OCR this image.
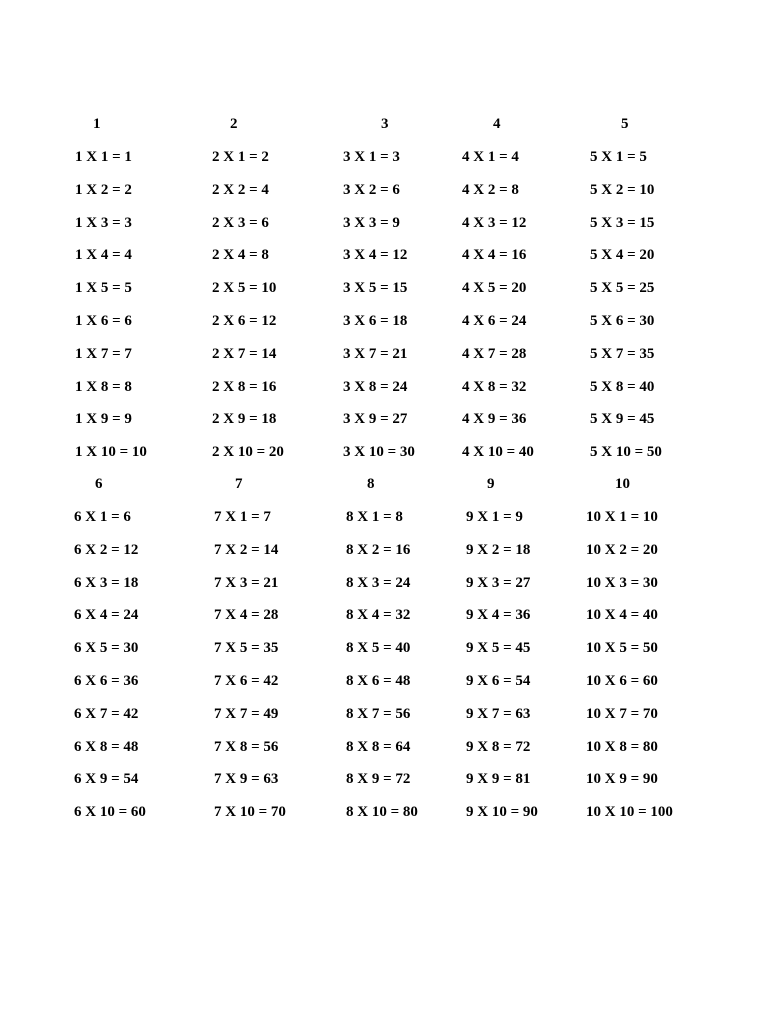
1
1 X 1 = 1
1 X 2 = 2
1 X 3 = 3
1 X 4 = 4
1 X 5 = 5
1 X 6 = 6
1 X 7 = 7
1 X 8 = 8
1 X 9 = 9
1 X 10 = 10
2
2 X 1 = 2
2 X 2 = 4
2 X 3 = 6
2 X 4 = 8
2 X 5 = 10
2 X 6 = 12
2 X 7 = 14
2 X 8 = 16
2 X 9 = 18
2 X 10 = 20
3
3 X 1 = 3
3 X 2 = 6
3 X 3 = 9
3 X 4 = 12
3 X 5 = 15
3 X 6 = 18
3 X 7 = 21
3 X 8 = 24
3 X 9 = 27
3 X 10 = 30
4
4 X 1 = 4
4 X 2 = 8
4 X 3 = 12
4 X 4 = 16
4 X 5 = 20
4 X 6 = 24
4 X 7 = 28
4 X 8 = 32
4 X 9 = 36
4 X 10 = 40
5
5 X 1 = 5
5 X 2 = 10
5 X 3 = 15
5 X 4 = 20
5 X 5 = 25
5 X 6 = 30
5 X 7 = 35
5 X 8 = 40
5 X 9 = 45
5 X 10 = 50
6
6 X 1 = 6
6 X 2 = 12
6 X 3 = 18
6 X 4 = 24
6 X 5 = 30
6 X 6 = 36
6 X 7 = 42
6 X 8 = 48
6 X 9 = 54
6 X 10 = 60
7
7 X 1 = 7
7 X 2 = 14
7 X 3 = 21
7 X 4 = 28
7 X 5 = 35
7 X 6 = 42
7 X 7 = 49
7 X 8 = 56
7 X 9 = 63
7 X 10 = 70
8
8 X 1 = 8
8 X 2 = 16
8 X 3 = 24
8 X 4 = 32
8 X 5 = 40
8 X 6 = 48
8 X 7 = 56
8 X 8 = 64
8 X 9 = 72
8 X 10 = 80
9
9 X 1 = 9
9 X 2 = 18
9 X 3 = 27
9 X 4 = 36
9 X 5 = 45
9 X 6 = 54
9 X 7 = 63
9 X 8 = 72
9 X 9 = 81
9 X 10 = 90
10
10 X 1 = 10
10 X 2 = 20
10 X 3 = 30
10 X 4 = 40
10 X 5 = 50
10 X 6 = 60
10 X 7 = 70
10 X 8 = 80
10 X 9 = 90
10 X 10 = 100
